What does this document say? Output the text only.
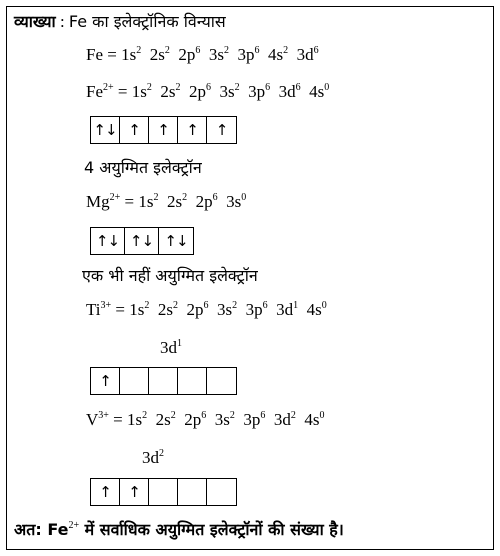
व्याख्या : Fe का इलेक्ट्रॉनिक विन्यास
$Fe = 1s^2$ $2s^2$ $2p^6$ $3s^2$ $3p^6$ $4s^2$ $3d^6$
$Fe^{2+} = 1s^2$ $2s^2$ $2p^6$ $3s^2$ $3p^6$ $3d^6$ $4s^0$
↑↓ ↑	↑	↑	↑
4 अयुग्मित इलेक्ट्रॉन
$Mg^{2+} = 1s^2$ $2s^2$ $2p^6$ $3s^0$
↑↓ ↑↓ ↑↓
एक भी नहीं अयुग्मित इलेक्ट्रॉन
$Ti^{3+} = 1s^2$ $2s^2$ $2p^6$ $3s^2$ $3p^6$ $3d^1$ $4s^0$
$3d^1$
↑
$V^{3+} = 1s^2$ $2s^2$ $2p^6$ $3s^2$ $3p^6$ $3d^2$ $4s^0$
$3d^2$
↑	↑
अत: $Fe^{2+}$ में सर्वाधिक अयुग्मित इलेक्ट्रॉनों की संख्या है।
